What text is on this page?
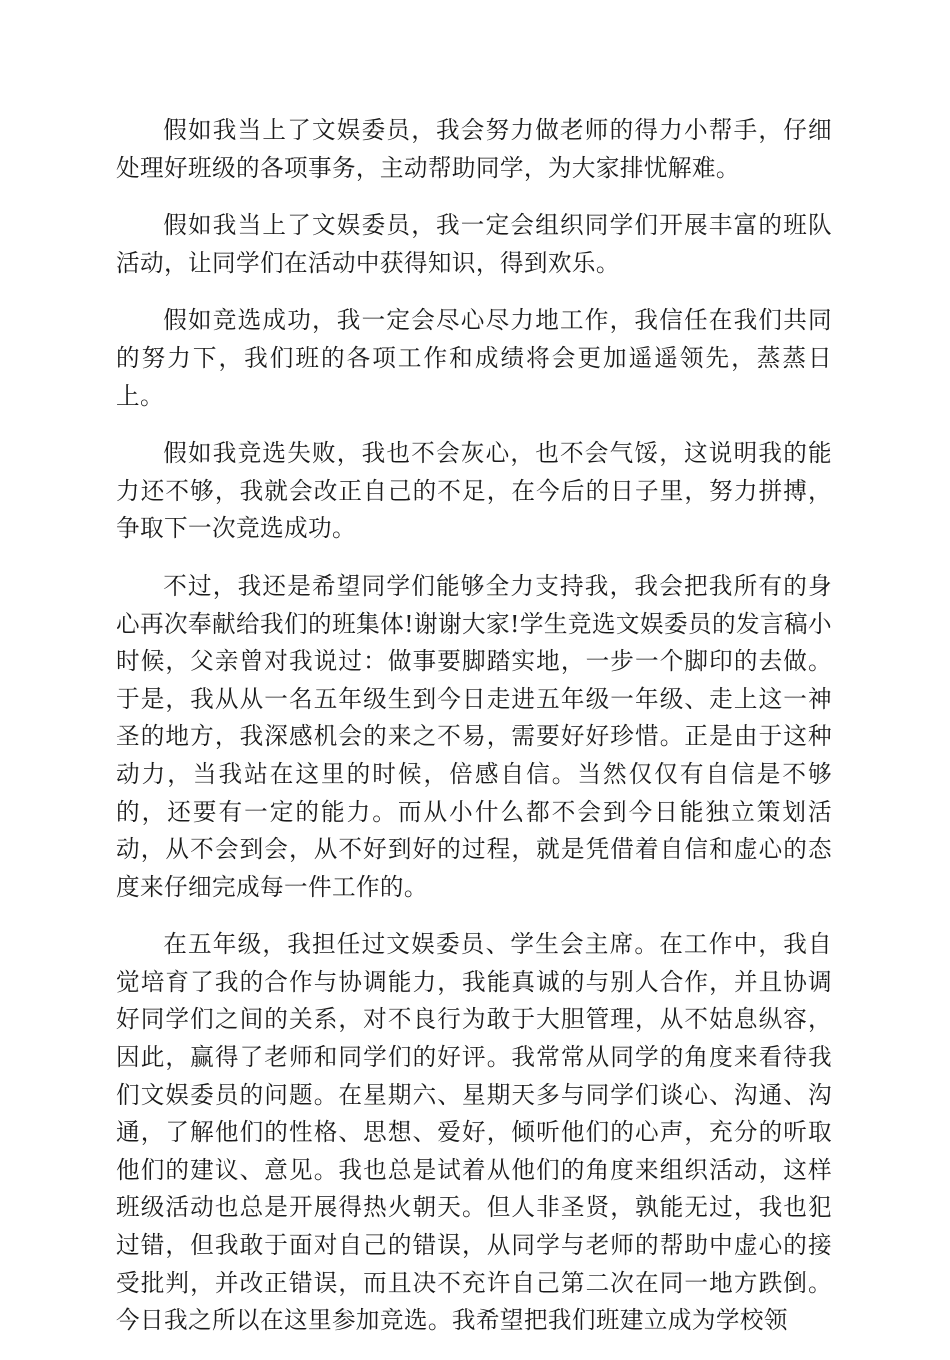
假如我当上了文娱委员，我会努力做老师的得力小帮手，仔细处理好班级的各项事务，主动帮助同学，为大家排忧解难。

假如我当上了文娱委员，我一定会组织同学们开展丰富的班队活动，让同学们在活动中获得知识，得到欢乐。

假如竞选成功，我一定会尽心尽力地工作，我信任在我们共同的努力下，我们班的各项工作和成绩将会更加遥遥领先，蒸蒸日上。

假如我竞选失败，我也不会灰心，也不会气馁，这说明我的能力还不够，我就会改正自己的不足，在今后的日子里，努力拼搏，争取下一次竞选成功。

不过，我还是希望同学们能够全力支持我，我会把我所有的身心再次奉献给我们的班集体!谢谢大家!学生竞选文娱委员的发言稿小时候，父亲曾对我说过：做事要脚踏实地，一步一个脚印的去做。于是，我从从一名五年级生到今日走进五年级一年级、走上这一神圣的地方，我深感机会的来之不易，需要好好珍惜。正是由于这种动力，当我站在这里的时候，倍感自信。当然仅仅有自信是不够的，还要有一定的能力。而从小什么都不会到今日能独立策划活动，从不会到会，从不好到好的过程，就是凭借着自信和虚心的态度来仔细完成每一件工作的。

在五年级，我担任过文娱委员、学生会主席。在工作中，我自觉培育了我的合作与协调能力，我能真诚的与别人合作，并且协调好同学们之间的关系，对不良行为敢于大胆管理，从不姑息纵容，因此，赢得了老师和同学们的好评。我常常从同学的角度来看待我们文娱委员的问题。在星期六、星期天多与同学们谈心、沟通、沟通，了解他们的性格、思想、爱好，倾听他们的心声，充分的听取他们的建议、意见。我也总是试着从他们的角度来组织活动，这样班级活动也总是开展得热火朝天。但人非圣贤，孰能无过，我也犯过错，但我敢于面对自己的错误，从同学与老师的帮助中虚心的接受批判，并改正错误，而且决不充许自己第二次在同一地方跌倒。今日我之所以在这里参加竞选。我希望把我们班建立成为学校领
